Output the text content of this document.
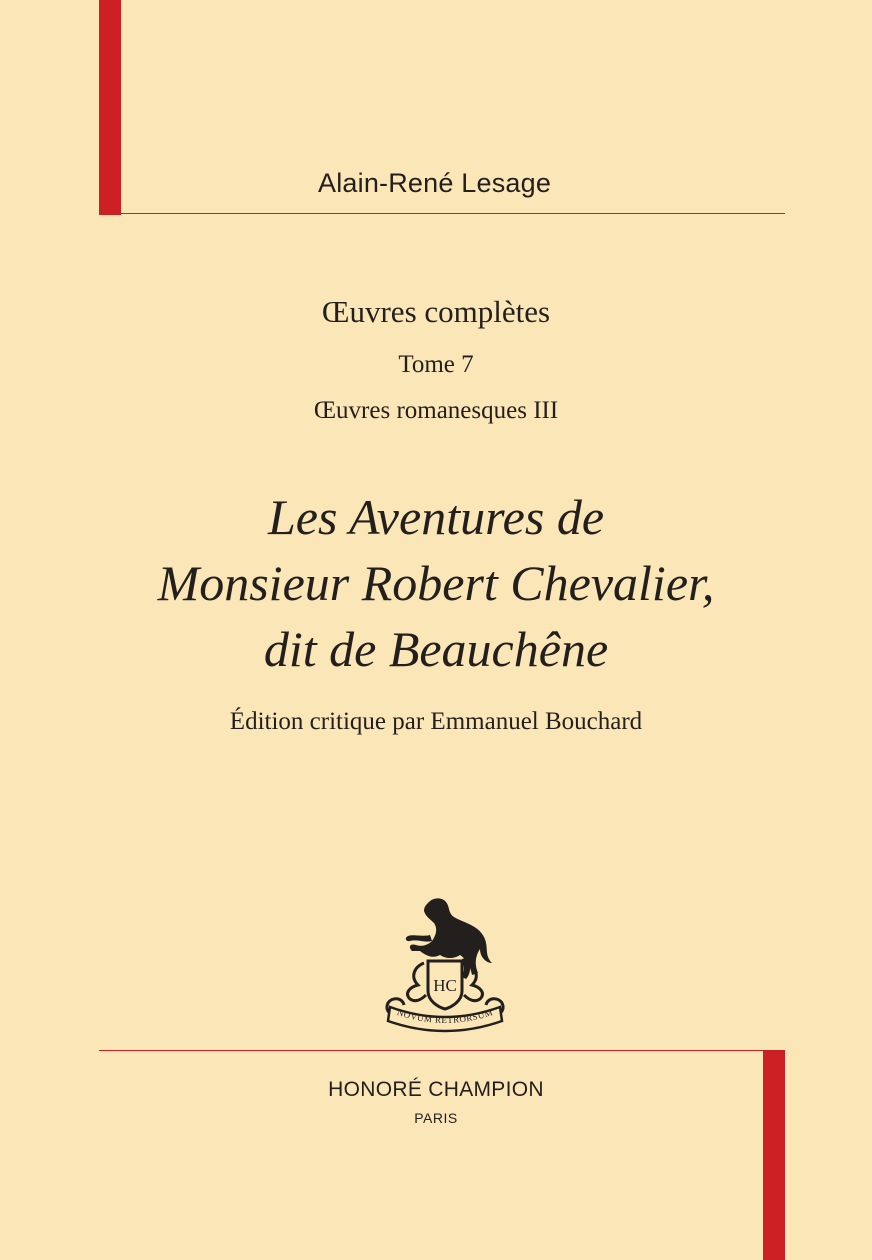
Alain-René Lesage
Œuvres complètes
Tome 7
Œuvres romanesques III
Les Aventures de
Monsieur Robert Chevalier,
dit de Beauchêne
Édition critique par Emmanuel Bouchard
HC
NOVUM RETRORSUM
HONORÉ CHAMPION
PARIS
